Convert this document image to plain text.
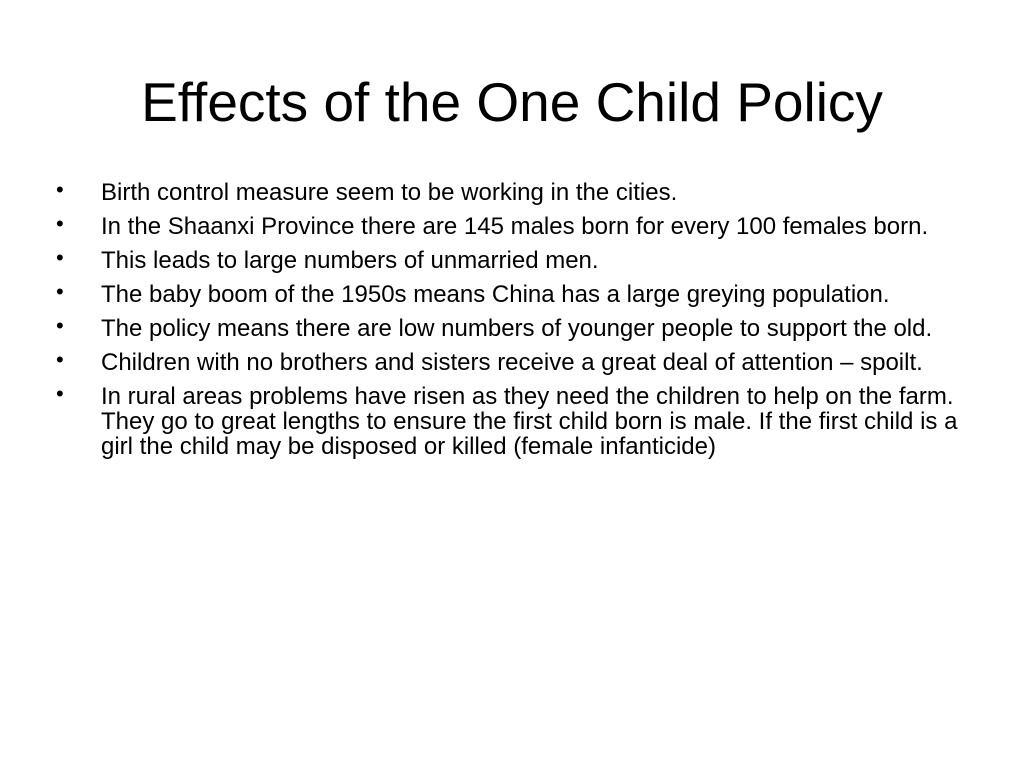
Effects of the One Child Policy
•	Birth control measure seem to be working in the cities.
•	In the Shaanxi Province there are 145 males born for every 100 females born.
•	This leads to large numbers of unmarried men.
•	The baby boom of the 1950s means China has a large greying population.
•	The policy means there are low numbers of younger people to support the old.
•	Children with no brothers and sisters receive a great deal of attention – spoilt.
•	In rural areas problems have risen as they need the children to help on the farm. They go to great lengths to ensure the first child born is male. If the first child is a girl the child may be disposed or killed (female infanticide)
